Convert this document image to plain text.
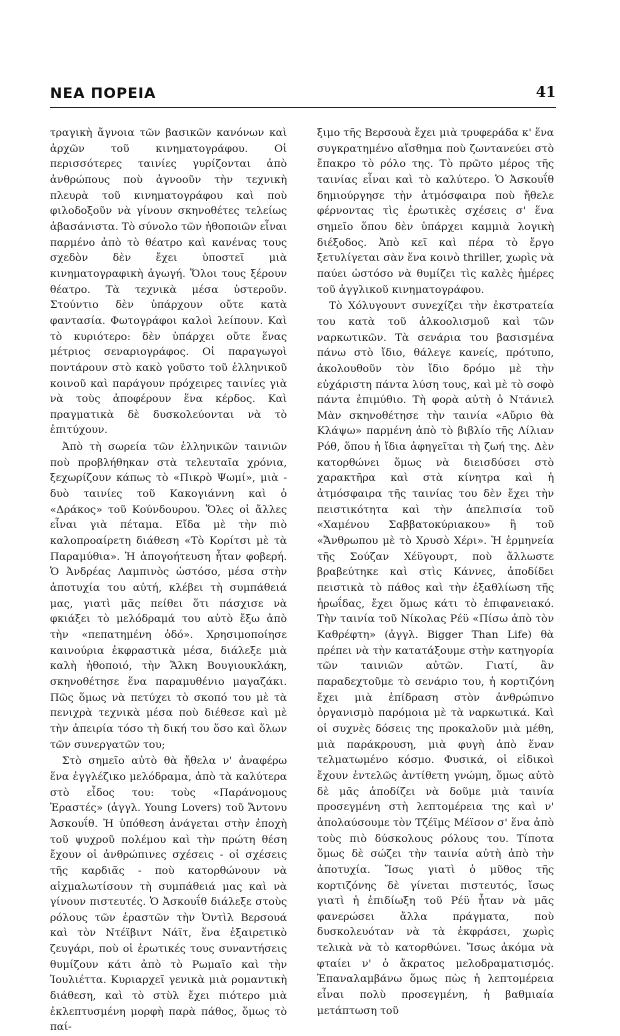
ΝΕΑ ΠΟΡΕΙΑ	41

τραγικὴ ἄγνοια τῶν βασικῶν κανόνων καὶ ἀρχῶν τοῦ κινηματογράφου. Οἱ περισσότερες ταινίες γυρίζονται ἀπὸ ἀνθρώπους ποὺ ἀγνοοῦν τὴν τεχνικὴ πλευρὰ τοῦ κινηματογράφου καὶ ποὺ φιλοδοξοῦν νὰ γίνουν σκηνοθέτες τελείως ἀβασάνιστα. Τὸ σύνολο τῶν ἠθοποιῶν εἶναι παρμένο ἀπὸ τὸ θέατρο καὶ κανένας τους σχεδὸν δὲν ἔχει ὑποστεῖ μιὰ κινηματογραφικὴ ἀγωγή. Ὅλοι τους ξέρουν θέατρο. Τὰ τεχνικὰ μέσα ὑστεροῦν. Στούντιο δὲν ὑπάρχουν οὔτε κατὰ φαντασία. Φωτογράφοι καλοὶ λείπουν. Καὶ τὸ κυριότερο: δὲν ὑπάρχει οὔτε ἕνας μέτριος σεναριογράφος. Οἱ παραγωγοὶ ποντάρουν στὸ κακὸ γοῦστο τοῦ ἑλληνικοῦ κοινοῦ καὶ παράγουν πρόχειρες ταινίες γιὰ νὰ τοὺς ἀποφέρουν ἕνα κέρδος. Καὶ πραγματικὰ δὲ δυσκολεύονται νὰ τὸ ἐπιτύχουν.

Ἀπὸ τὴ σωρεία τῶν ἑλληνικῶν ταινιῶν ποὺ προβλήθηκαν στὰ τελευταῖα χρόνια, ξεχωρίζουν κάπως τὸ «Πικρὸ Ψωμί», μιὰ - δυὸ ταινίες τοῦ Κακογιάννη καὶ ὁ «Δράκος» τοῦ Κούνδουρου. Ὅλες οἱ ἄλλες εἶναι γιὰ πέταμα. Εἴδα μὲ τὴν πιὸ καλοπροαίρετη διάθεση «Τὸ Κορίτσι μὲ τὰ Παραμύθια». Ἡ ἀπογοήτευση ἦταν φοβερή. Ὁ Ἀνδρέας Λαμπινὸς ὡστόσο, μέσα στὴν ἀποτυχία του αὐτή, κλέβει τὴ συμπάθειά μας, γιατὶ μᾶς πείθει ὅτι πάσχισε νὰ φκιάξει τὸ μελόδραμά του αὐτὸ ἔξω ἀπὸ τὴν «πεπατημένη ὁδό». Χρησιμοποίησε καινούρια ἐκφραστικὰ μέσα, διάλεξε μιὰ καλὴ ἠθοποιό, τὴν Ἄλκη Βουγιουκλάκη, σκηνοθέτησε ἕνα παραμυθένιο μαγαζάκι. Πῶς ὅμως νὰ πετύχει τὸ σκοπό του μὲ τὰ πενιχρὰ τεχνικὰ μέσα ποὺ διέθεσε καὶ μὲ τὴν ἀπειρία τόσο τὴ δική του ὅσο καὶ ὅλων τῶν συνεργατῶν του;

Στὸ σημεῖο αὐτὸ θὰ ἤθελα ν' ἀναφέρω ἕνα ἐγγλέζικο μελόδραμα, ἀπὸ τὰ καλύτερα στὸ εἶδος του: τοὺς «Παράνομους Ἐραστές» (ἀγγλ. Young Lovers) τοῦ Ἄντονυ Ἀσκουΐθ. Ἡ ὑπόθεση ἀνάγεται στὴν ἐποχὴ τοῦ ψυχροῦ πολέμου καὶ τὴν πρώτη θέση ἔχουν οἱ ἀνθρώπινες σχέσεις - οἱ σχέσεις τῆς καρδιᾶς - ποὺ κατορθώνουν νὰ αἰχμαλωτίσουν τὴ συμπάθειά μας καὶ νὰ γίνουν πιστευτές. Ὁ Ἀσκουΐθ διάλεξε στοὺς ρόλους τῶν ἐραστῶν τὴν Ὀντὶλ Βερσουά καὶ τὸν Ντέϊβιντ Νάϊτ, ἕνα ἐξαιρετικὸ ζευγάρι, ποὺ οἱ ἐρωτικές τους συναντήσεις θυμίζουν κάτι ἀπὸ τὸ Ρωμαῖο καὶ τὴν Ἰουλιέττα. Κυριαρχεῖ γενικὰ μιὰ ρομαντικὴ διάθεση, καὶ τὸ στὺλ ἔχει πιότερο μιὰ ἐκλεπτυσμένη μορφὴ παρὰ πάθος, ὅμως τὸ παί-

ξιμο τῆς Βερσουὰ ἔχει μιὰ τρυφεράδα κ' ἕνα συγκρατημένο αἴσθημα ποὺ ζωντανεύει στὸ ἔπακρο τὸ ρόλο της. Τὸ πρῶτο μέρος τῆς ταινίας εἶναι καὶ τὸ καλύτερο. Ὁ Ἀσκουΐθ δημιούργησε τὴν ἀτμόσφαιρα ποὺ ἤθελε φέρνοντας τὶς ἐρωτικὲς σχέσεις σ' ἕνα σημεῖο ὅπου δὲν ὑπάρχει καμμιὰ λογικὴ διέξοδος. Ἀπὸ κεῖ καὶ πέρα τὸ ἔργο ξετυλίγεται σὰν ἕνα κοινὸ thriller, χωρὶς νὰ παύει ὡστόσο νὰ θυμίζει τὶς καλὲς ἡμέρες τοῦ ἀγγλικοῦ κινηματογράφου.

Τὸ Χόλυγουντ συνεχίζει τὴν ἐκστρατεία του κατὰ τοῦ ἀλκοολισμοῦ καὶ τῶν ναρκωτικῶν. Τὰ σενάρια του βασισμένα πάνω στὸ ἴδιο, θάλεγε κανείς, πρότυπο, ἀκολουθοῦν τὸν ἴδιο δρόμο μὲ τὴν εὐχάριστη πάντα λύση τους, καὶ μὲ τὸ σοφὸ πάντα ἐπιμύθιο. Τὴ φορὰ αὐτὴ ὁ Ντάνιελ Μὰν σκηνοθέτησε τὴν ταινία «Αὔριο θὰ Κλάψω» παρμένη ἀπὸ τὸ βιβλίο τῆς Λίλιαν Ρόθ, ὅπου ἡ ἴδια ἀφηγεῖται τὴ ζωή της. Δὲν κατορθώνει ὅμως νὰ διεισδύσει στὸ χαρακτῆρα καὶ στὰ κίνητρα καὶ ἡ ἀτμόσφαιρα τῆς ταινίας του δὲν ἔχει τὴν πειστικότητα καὶ τὴν ἀπελπισία τοῦ «Χαμένου Σαββατοκύριακου» ἢ τοῦ «Ἄνθρωπου μὲ τὸ Χρυσὸ Χέρι». Ἡ ἑρμηνεία τῆς Σούζαν Χέϋγουρτ, ποὺ ἄλλωστε βραβεύτηκε καὶ στὶς Κάννες, ἀποδίδει πειστικὰ τὸ πάθος καὶ τὴν ἐξαθλίωση τῆς ἡρωΐδας, ἔχει ὅμως κάτι τὸ ἐπιφανειακό. Τὴν ταινία τοῦ Νίκολας Ρέϋ «Πίσω ἀπὸ τὸν Καθρέφτη» (ἀγγλ. Bigger Than Life) θὰ πρέπει νὰ τὴν κατατάξουμε στὴν κατηγορία τῶν ταινιῶν αὐτῶν. Γιατί, ἂν παραδεχτοῦμε τὸ σενάριο του, ἡ κορτιζόνη ἔχει μιὰ ἐπίδραση στὸν ἀνθρώπινο ὀργανισμὸ παρόμοια μὲ τὰ ναρκωτικά. Καὶ οἱ συχνὲς δόσεις της προκαλοῦν μιὰ μέθη, μιὰ παράκρουση, μιὰ φυγὴ ἀπὸ ἕναν τελματωμένο κόσμο. Φυσικά, οἱ εἰδικοὶ ἔχουν ἐντελῶς ἀντίθετη γνώμη, ὅμως αὐτὸ δὲ μᾶς ἀποδίζει νὰ δοῦμε μιὰ ταινία προσεγμένη στὴ λεπτομέρεια της καὶ ν' ἀπολαύσουμε τὸν Τζέϊμς Μέϊσον σ' ἕνα ἀπὸ τοὺς πιὸ δύσκολους ρόλους του. Τίποτα ὅμως δὲ σώζει τὴν ταινία αὐτὴ ἀπὸ τὴν ἀποτυχία. Ἴσως γιατὶ ὁ μῦθος τῆς κορτιζόνης δὲ γίνεται πιστευτός, ἴσως γιατὶ ἡ ἐπιδίωξη τοῦ Ρέϋ ἦταν νὰ μᾶς φανερώσει ἄλλα πράγματα, ποὺ δυσκολευόταν νὰ τὰ ἐκφράσει, χωρὶς τελικὰ νὰ τὸ κατορθώνει. Ἴσως ἀκόμα νὰ φταίει ν' ὁ ἄκρατος μελοδραματισμός. Ἐπαναλαμβάνω ὅμως πὼς ἡ λεπτομέρεια εἶναι πολὺ προσεγμένη, ἡ βαθμιαία μετάπτωση τοῦ
